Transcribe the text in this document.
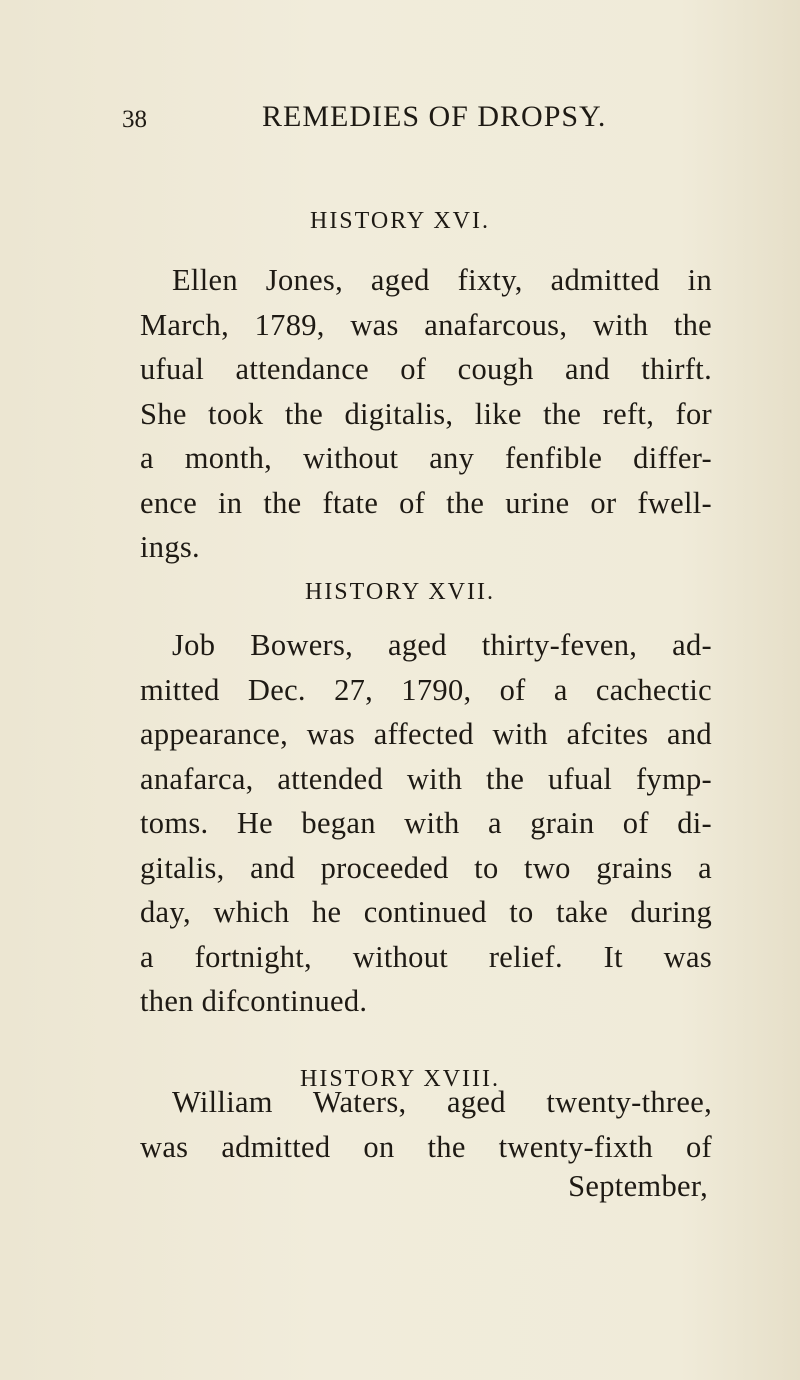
38	REMEDIES OF DROPSY.
HISTORY XVI.
Ellen Jones, aged fixty, admitted in
March, 1789, was anafarcous, with the
ufual attendance of cough and thirft.
She took the digitalis, like the reft, for
a month, without any fenfible differ-
ence in the ftate of the urine or fwell-
ings.
HISTORY XVII.
Job Bowers, aged thirty-feven, ad-
mitted Dec. 27, 1790, of a cachectic
appearance, was affected with afcites and
anafarca, attended with the ufual fymp-
toms. He began with a grain of di-
gitalis, and proceeded to two grains a
day, which he continued to take during
a fortnight, without relief. It was
then difcontinued.
HISTORY XVIII.
William Waters, aged twenty-three,
was admitted on the twenty-fixth of
September,
